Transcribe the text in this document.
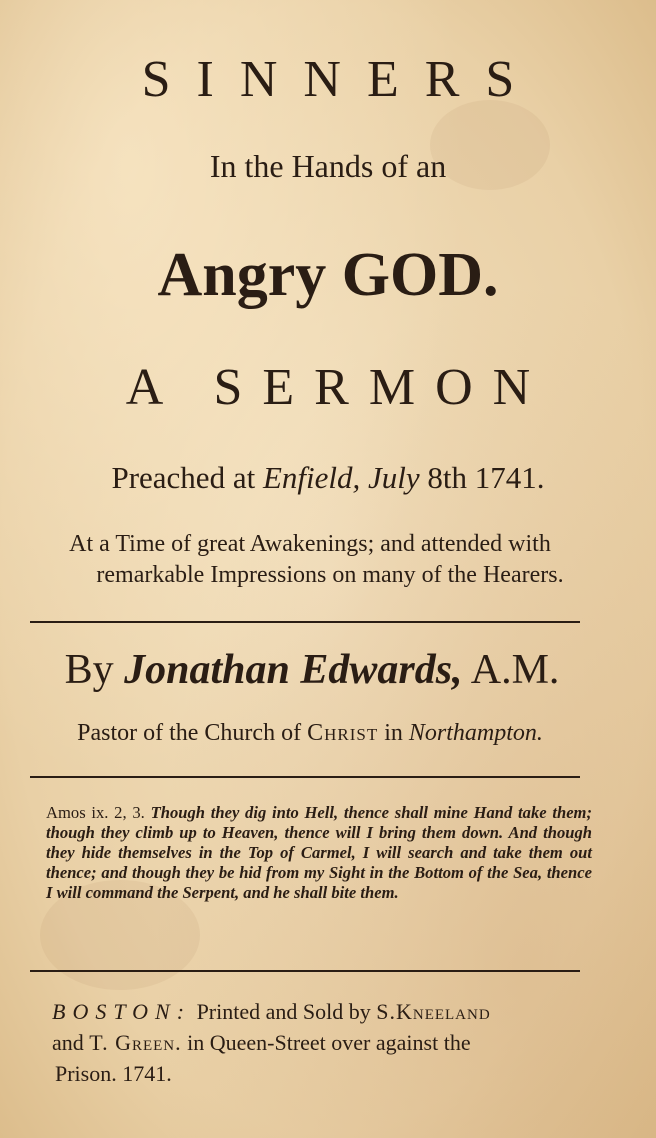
SINNERS
In the Hands of an
Angry GOD.
A SERMON
Preached at Enfield, July 8th 1741.
At a Time of great Awakenings; and attended with
remarkable Impressions on many of the Hearers.
By Jonathan Edwards, A.M.
Pastor of the Church of Christ in Northampton.
Amos ix. 2, 3. Though they dig into Hell, thence shall mine Hand take them; though they climb up to Heaven, thence will I bring them down. And though they hide themselves in the Top of Carmel, I will search and take them out thence; and though they be hid from my Sight in the Bottom of the Sea, thence I will command the Serpent, and he shall bite them.
BOSTON: Printed and Sold by S.Kneeland
and T. Green. in Queen-Street over against the
Prison. 1741.
